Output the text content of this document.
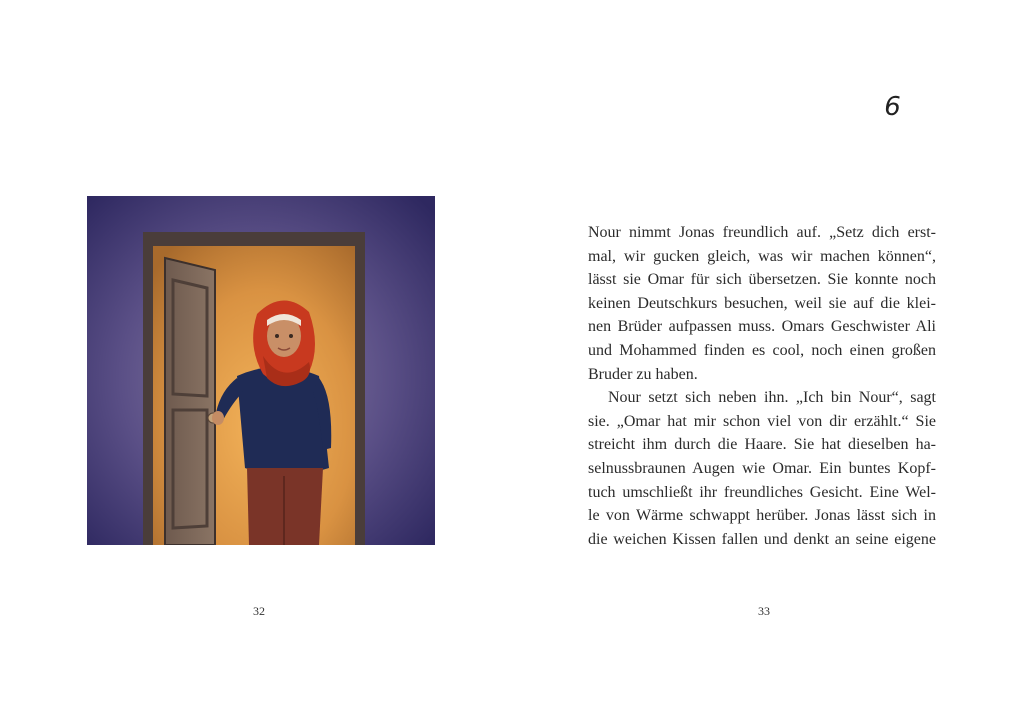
32
6
Nour nimmt Jonas freundlich auf. „Setz dich erst-
mal, wir gucken gleich, was wir machen können“,
lässt sie Omar für sich übersetzen. Sie konnte noch
keinen Deutschkurs besuchen, weil sie auf die klei-
nen Brüder aufpassen muss. Omars Geschwister Ali
und Mohammed finden es cool, noch einen großen
Bruder zu haben.
Nour setzt sich neben ihn. „Ich bin Nour“, sagt
sie. „Omar hat mir schon viel von dir erzählt.“ Sie
streicht ihm durch die Haare. Sie hat dieselben ha-
selnussbraunen Augen wie Omar. Ein buntes Kopf-
tuch umschließt ihr freundliches Gesicht. Eine Wel-
le von Wärme schwappt herüber. Jonas lässt sich in
die weichen Kissen fallen und denkt an seine eigene
33
